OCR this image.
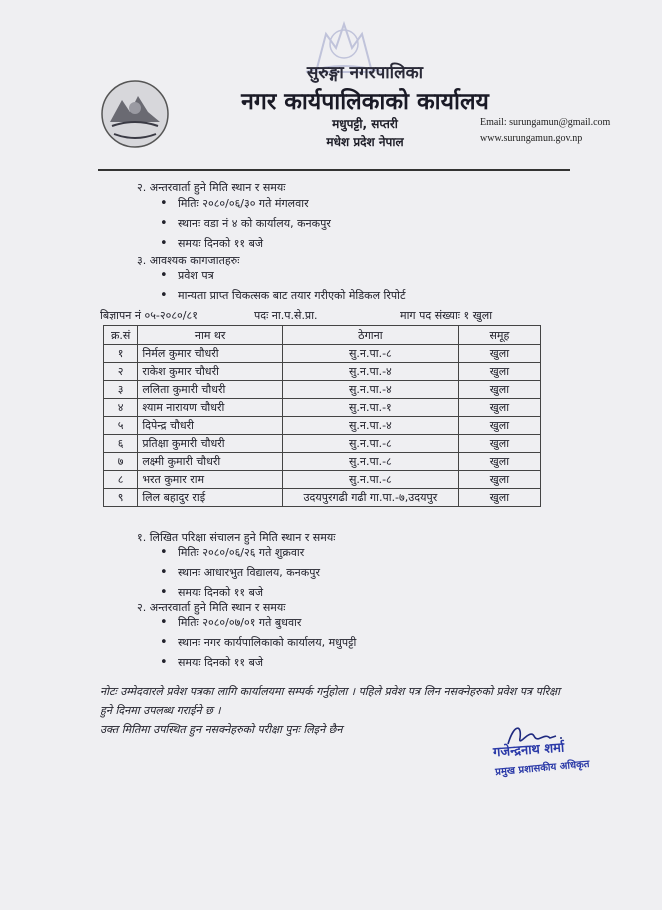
सुरुङ्गा नगरपालिका
नगर कार्यपालिकाको कार्यालय
मधुपट्टी, सप्तरी
मधेश प्रदेश नेपाल
Email: surungamun@gmail.com
www.surungamun.gov.np
२. अन्तरवार्ता हुने मिति स्थान र समयः
• मितिः २०८०/०६/३० गते मंगलवार
• स्थानः वडा नं ४ को कार्यालय, कनकपुर
• समयः दिनको ११ बजे
३. आवश्यक कागजातहरुः
• प्रवेश पत्र
• मान्यता प्राप्त चिकत्सक बाट तयार गरीएको मेडिकल रिपोर्ट
बिज्ञापन नं ०५-२०८०/८१	पदः ना.प.से.प्रा.	माग पद संख्याः १ खुला
क्र.सं	नाम थर	ठेगाना	समूह
१	निर्मल कुमार चौधरी	सु.न.पा.-८	खुला
२	राकेश कुमार चौधरी	सु.न.पा.-४	खुला
३	ललिता कुमारी चौधरी	सु.न.पा.-४	खुला
४	श्याम नारायण चौधरी	सु.न.पा.-१	खुला
५	दिपेन्द्र चौधरी	सु.न.पा.-४	खुला
६	प्रतिक्षा कुमारी चौधरी	सु.न.पा.-८	खुला
७	लक्ष्मी कुमारी चौधरी	सु.न.पा.-८	खुला
८	भरत कुमार राम	सु.न.पा.-८	खुला
९	लिल बहादुर राई	उदयपुरगढी गढी गा.पा.-७,उदयपुर	खुला
१. लिखित परिक्षा संचालन हुने मिति स्थान र समयः
• मितिः २०८०/०६/२६ गते शुक्रवार
• स्थानः आधारभुत विद्यालय, कनकपुर
• समयः दिनको ११ बजे
२. अन्तरवार्ता हुने मिति स्थान र समयः
• मितिः २०८०/०७/०१ गते बुधवार
• स्थानः नगर कार्यपालिकाको कार्यालय, मधुपट्टी
• समयः दिनको ११ बजे
नोटः उम्मेदवारले प्रवेश पत्रका लागि कार्यालयमा सम्पर्क गर्नुहोला । पहिले प्रवेश पत्र लिन नसक्नेहरुको प्रवेश पत्र परिक्षा
हुने दिनमा उपलब्ध गराईने छ ।
उक्त मितिमा उपस्थित हुन नसक्नेहरुको परीक्षा पुनः लिइने छैन
गजेन्द्रनाथ शर्मा
प्रमुख प्रशासकीय अधिकृत
